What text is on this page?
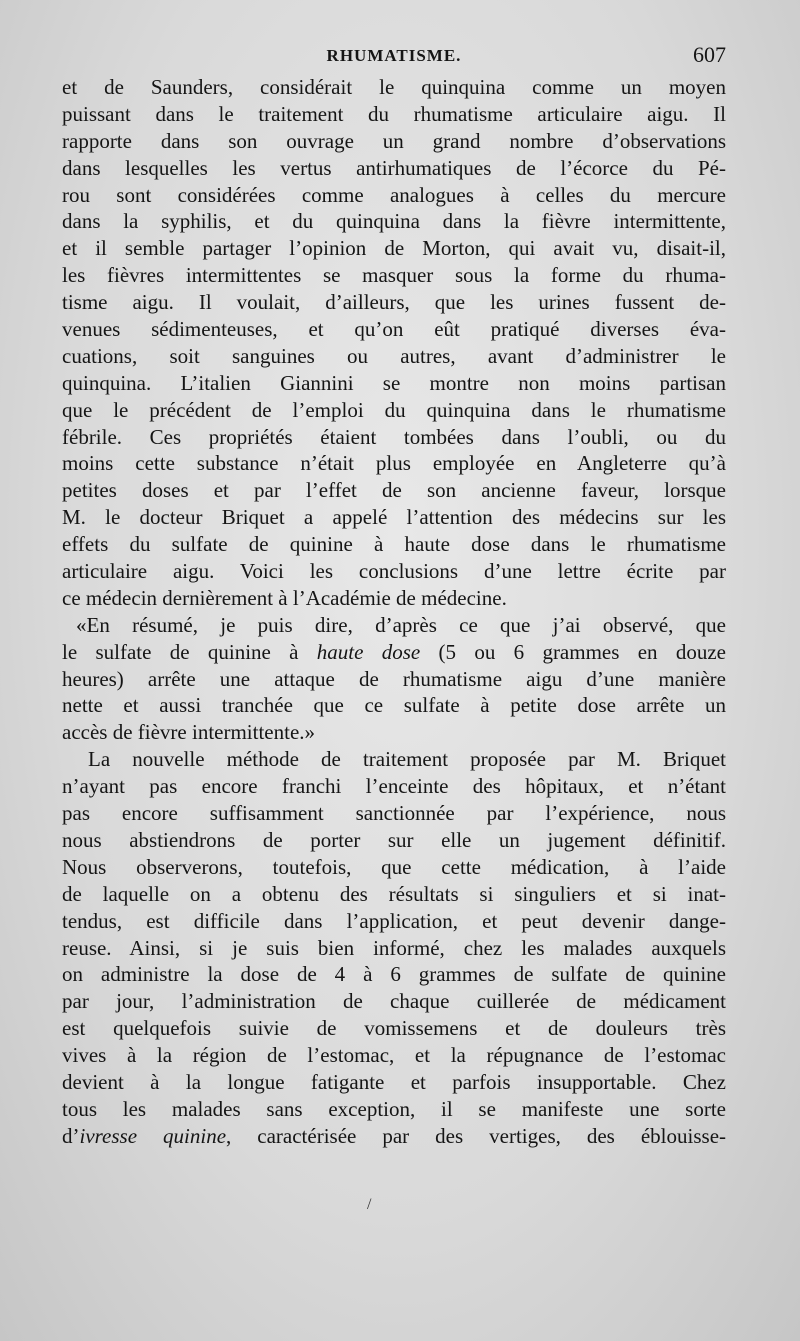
RHUMATISME.	607
et de Saunders, considérait le quinquina comme un moyen
puissant dans le traitement du rhumatisme articulaire aigu. Il
rapporte dans son ouvrage un grand nombre d’observations
dans lesquelles les vertus antirhumatiques de l’écorce du Pé-
rou sont considérées comme analogues à celles du mercure
dans la syphilis, et du quinquina dans la fièvre intermittente,
et il semble partager l’opinion de Morton, qui avait vu, disait-il,
les fièvres intermittentes se masquer sous la forme du rhuma-
tisme aigu. Il voulait, d’ailleurs, que les urines fussent de-
venues sédimenteuses, et qu’on eût pratiqué diverses éva-
cuations, soit sanguines ou autres, avant d’administrer le
quinquina. L’italien Giannini se montre non moins partisan
que le précédent de l’emploi du quinquina dans le rhumatisme
fébrile. Ces propriétés étaient tombées dans l’oubli, ou du
moins cette substance n’était plus employée en Angleterre qu’à
petites doses et par l’effet de son ancienne faveur, lorsque
M. le docteur Briquet a appelé l’attention des médecins sur les
effets du sulfate de quinine à haute dose dans le rhumatisme
articulaire aigu. Voici les conclusions d’une lettre écrite par
ce médecin dernièrement à l’Académie de médecine.
«En résumé, je puis dire, d’après ce que j’ai observé, que
le sulfate de quinine à haute dose (5 ou 6 grammes en douze
heures) arrête une attaque de rhumatisme aigu d’une manière
nette et aussi tranchée que ce sulfate à petite dose arrête un
accès de fièvre intermittente.»
La nouvelle méthode de traitement proposée par M. Briquet
n’ayant pas encore franchi l’enceinte des hôpitaux, et n’étant
pas encore suffisamment sanctionnée par l’expérience, nous
nous abstiendrons de porter sur elle un jugement définitif.
Nous observerons, toutefois, que cette médication, à l’aide
de laquelle on a obtenu des résultats si singuliers et si inat-
tendus, est difficile dans l’application, et peut devenir dange-
reuse. Ainsi, si je suis bien informé, chez les malades auxquels
on administre la dose de 4 à 6 grammes de sulfate de quinine
par jour, l’administration de chaque cuillerée de médicament
est quelquefois suivie de vomissemens et de douleurs très
vives à la région de l’estomac, et la répugnance de l’estomac
devient à la longue fatigante et parfois insupportable. Chez
tous les malades sans exception, il se manifeste une sorte
d’ivresse quinine, caractérisée par des vertiges, des éblouisse-
/
